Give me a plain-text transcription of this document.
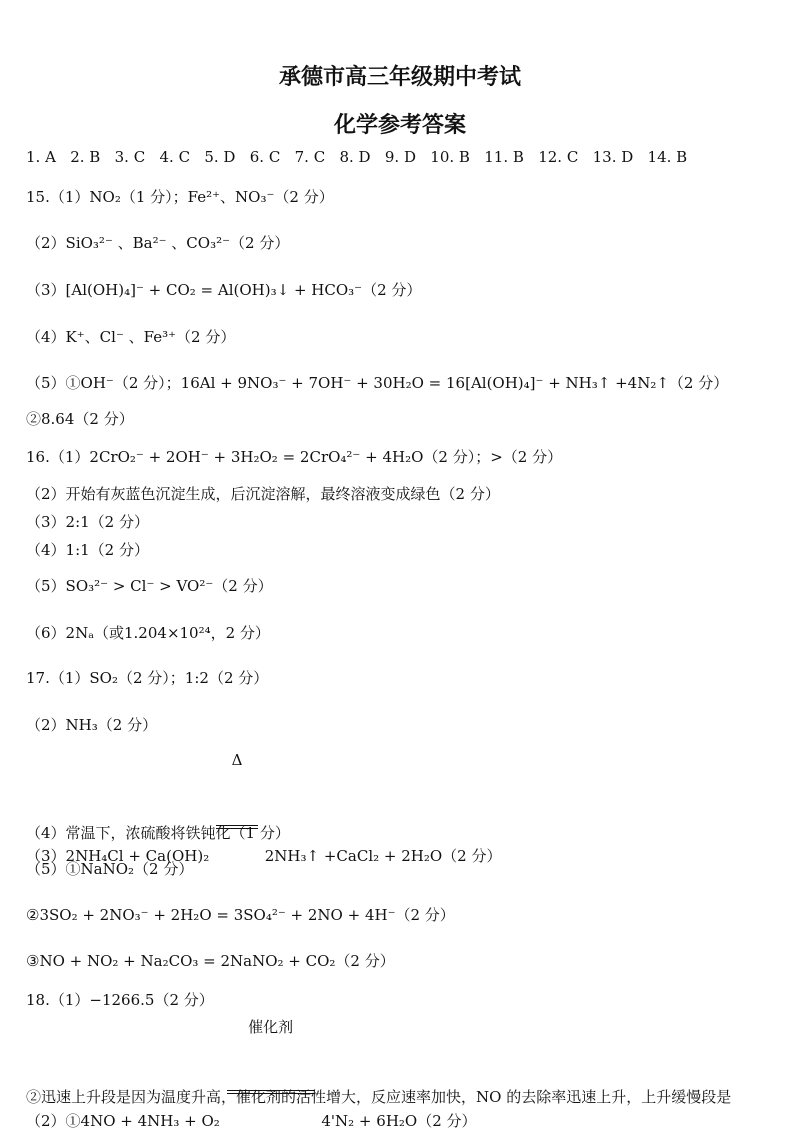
承德市高三年级期中考试
化学参考答案
1. A   2. B   3. C   4. C   5. D   6. C   7. C   8. D   9. D   10. B   11. B   12. C   13. D   14. B
15.（1）NO₂（1 分）；Fe²⁺、NO₃⁻（2 分）
（2）SiO₃²⁻ 、Ba²⁻ 、CO₃²⁻（2 分）
（3）[Al(OH)₄]⁻ + CO₂ = Al(OH)₃↓ + HCO₃⁻（2 分）
（4）K⁺、Cl⁻ 、Fe³⁺（2 分）
（5）①OH⁻（2 分）；16Al + 9NO₃⁻ + 7OH⁻ + 30H₂O = 16[Al(OH)₄]⁻ + NH₃↑ +4N₂↑（2 分）
②8.64（2 分）
16.（1）2CrO₂⁻ + 2OH⁻ + 3H₂O₂ = 2CrO₄²⁻ + 4H₂O（2 分）；>（2 分）
（2）开始有灰蓝色沉淀生成，后沉淀溶解，最终溶液变成绿色（2 分）
（3）2:1（2 分）
（4）1:1（2 分）
（5）SO₃²⁻ > Cl⁻ > VO²⁻（2 分）
（6）2Nₐ（或1.204×10²⁴，2 分）
17.（1）SO₂（2 分）；1:2（2 分）
（2）NH₃（2 分）
（3）2NH₄Cl + Ca(OH)₂

Δ

2NH₃↑ +CaCl₂ + 2H₂O（2 分）
（4）常温下，浓硫酸将铁钝化（1 分）
（5）①NaNO₂（2 分）
②3SO₂ + 2NO₃⁻ + 2H₂O = 3SO₄²⁻ + 2NO + 4H⁻（2 分）
③NO + NO₂ + Na₂CO₃ = 2NaNO₂ + CO₂（2 分）
18.（1）−1266.5（2 分）
（2）①4NO + 4NH₃ + O₂

催化剂

4'N₂ + 6H₂O（2 分）
②迅速上升段是因为温度升高，催化剂的活性增大，反应速率加快，NO 的去除率迅速上升，上升缓慢段是
